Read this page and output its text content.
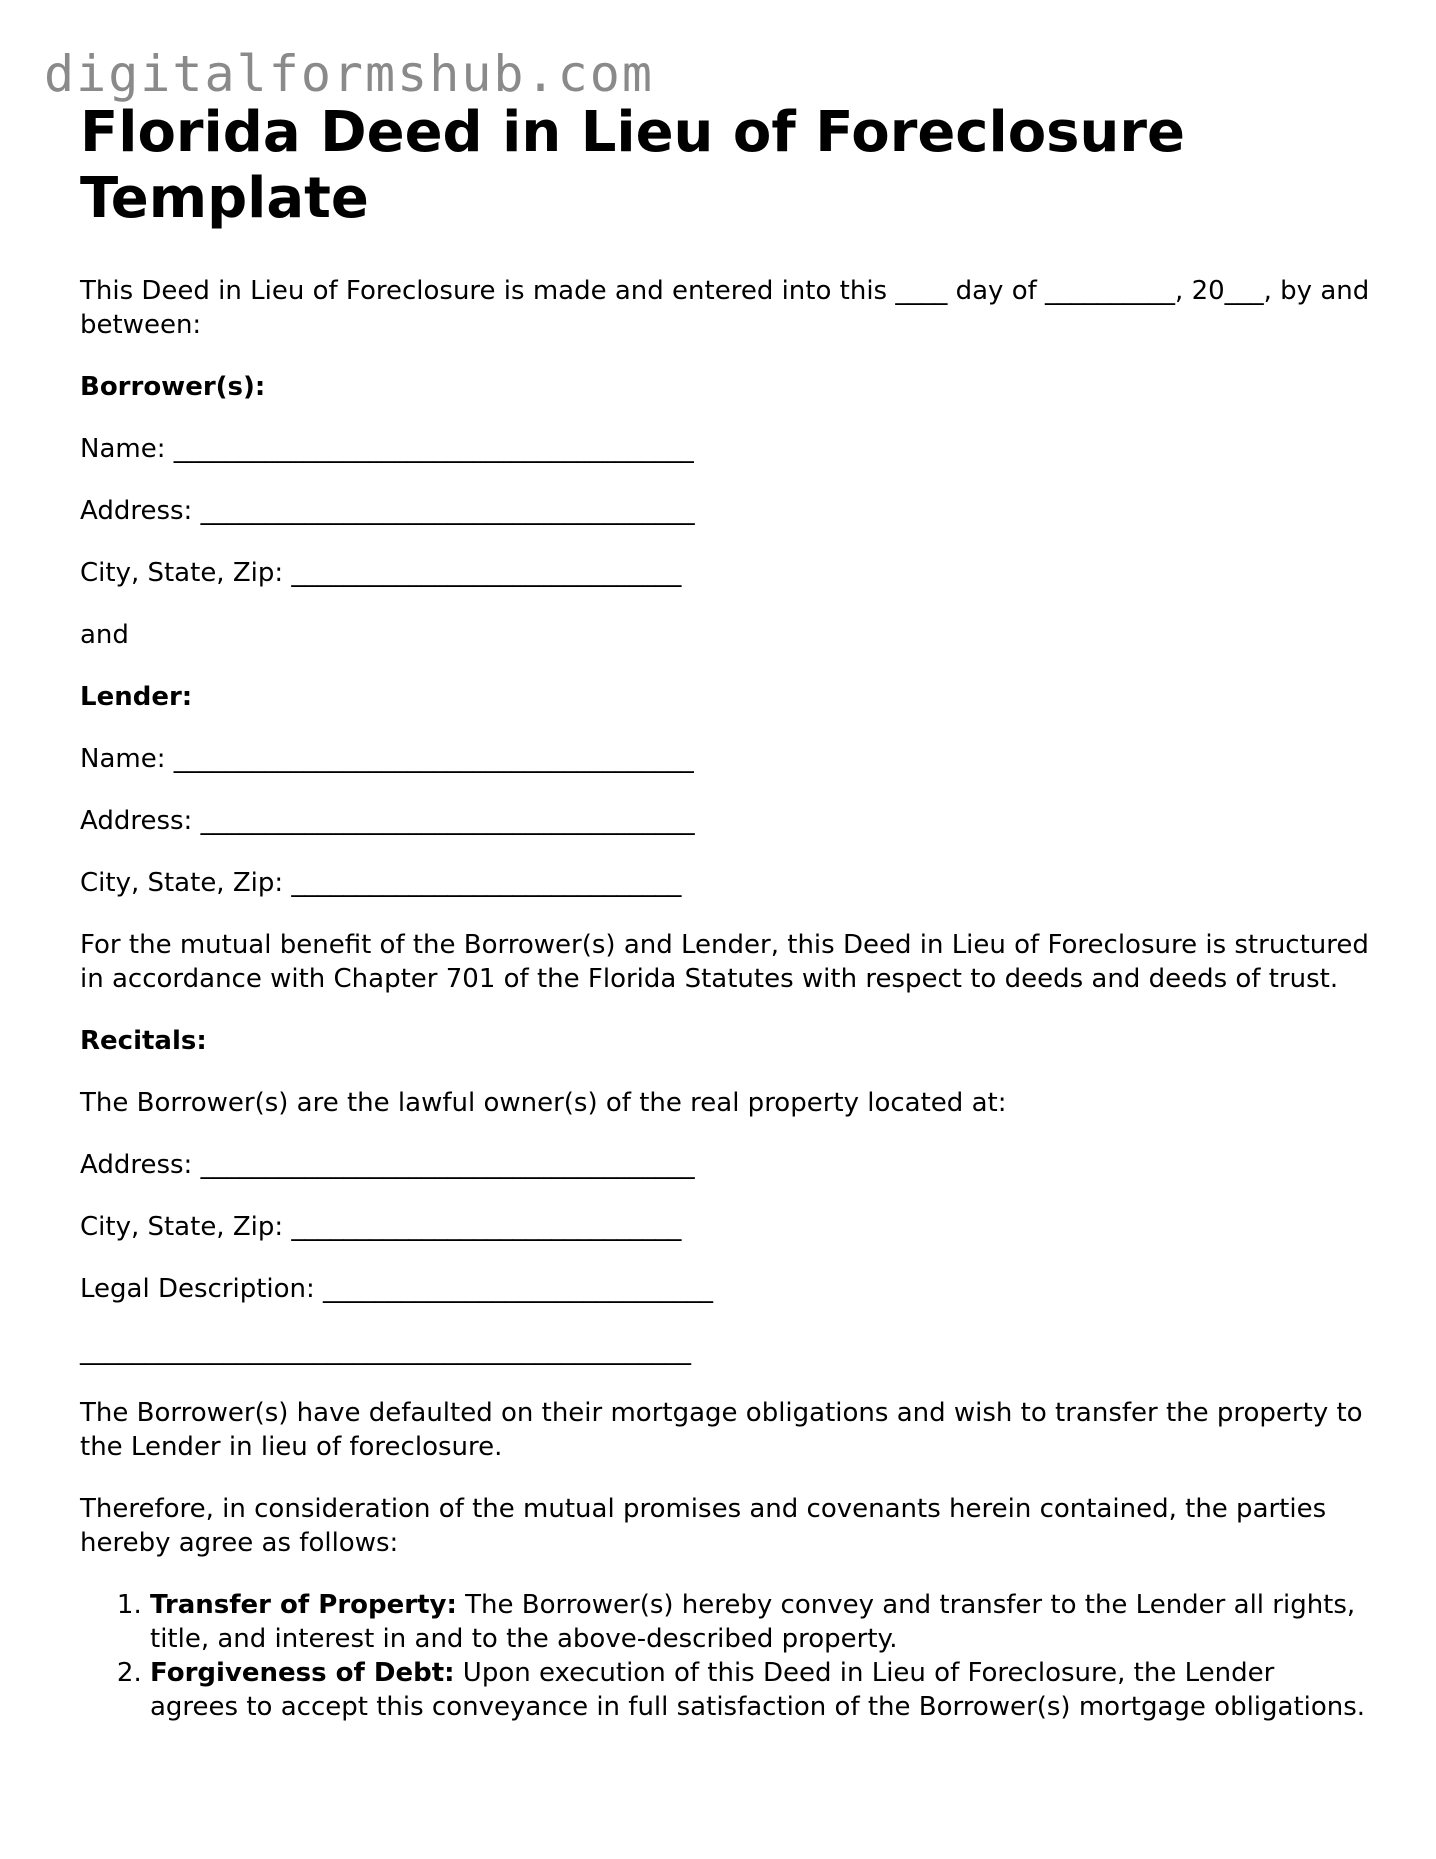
digitalformshub.com
Florida Deed in Lieu of Foreclosure Template

This Deed in Lieu of Foreclosure is made and entered into this ____ day of __________, 20___, by and between:

Borrower(s):

Name: ________________________________________

Address: ______________________________________

City, State, Zip: ______________________________

and

Lender:

Name: ________________________________________

Address: ______________________________________

City, State, Zip: ______________________________

For the mutual benefit of the Borrower(s) and Lender, this Deed in Lieu of Foreclosure is structured in accordance with Chapter 701 of the Florida Statutes with respect to deeds and deeds of trust.

Recitals:

The Borrower(s) are the lawful owner(s) of the real property located at:

Address: ______________________________________

City, State, Zip: ______________________________

Legal Description: ______________________________

_______________________________________________

The Borrower(s) have defaulted on their mortgage obligations and wish to transfer the property to the Lender in lieu of foreclosure.

Therefore, in consideration of the mutual promises and covenants herein contained, the parties hereby agree as follows:

1. Transfer of Property: The Borrower(s) hereby convey and transfer to the Lender all rights, title, and interest in and to the above-described property.
2. Forgiveness of Debt: Upon execution of this Deed in Lieu of Foreclosure, the Lender agrees to accept this conveyance in full satisfaction of the Borrower(s) mortgage obligations.
